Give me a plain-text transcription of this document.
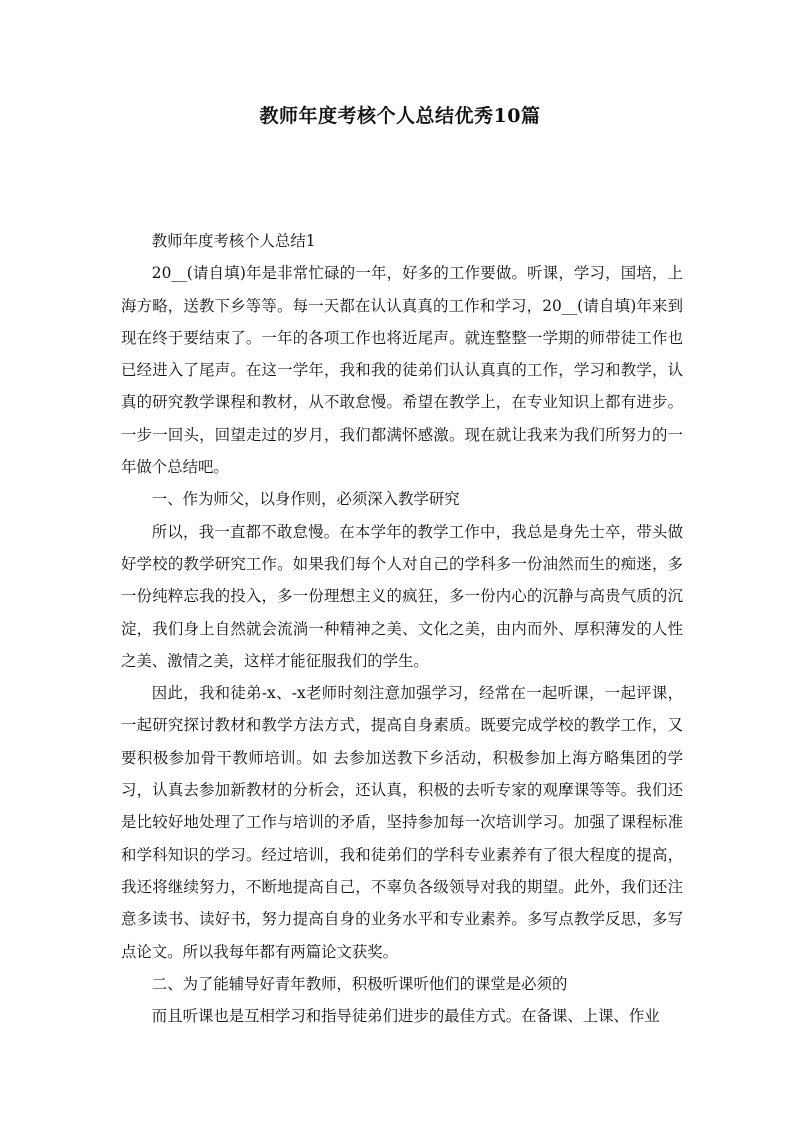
教师年度考核个人总结优秀10篇

教师年度考核个人总结1

20__(请自填)年是非常忙碌的一年，好多的工作要做。听课，学习，国培，上海方略，送教下乡等等。每一天都在认认真真的工作和学习，20__(请自填)年来到现在终于要结束了。一年的各项工作也将近尾声。就连整整一学期的师带徒工作也已经进入了尾声。在这一学年，我和我的徒弟们认认真真的工作，学习和教学，认真的研究教学课程和教材，从不敢怠慢。希望在教学上，在专业知识上都有进步。一步一回头，回望走过的岁月，我们都满怀感激。现在就让我来为我们所努力的一年做个总结吧。

一、作为师父，以身作则，必须深入教学研究

所以，我一直都不敢怠慢。在本学年的教学工作中，我总是身先士卒，带头做好学校的教学研究工作。如果我们每个人对自己的学科多一份油然而生的痴迷，多一份纯粹忘我的投入，多一份理想主义的疯狂，多一份内心的沉静与高贵气质的沉淀，我们身上自然就会流淌一种精神之美、文化之美，由内而外、厚积薄发的人性之美、激情之美，这样才能征服我们的学生。

因此，我和徒弟-x、-x老师时刻注意加强学习，经常在一起听课，一起评课，一起研究探讨教材和教学方法方式，提高自身素质。既要完成学校的教学工作，又要积极参加骨干教师培训。如 去参加送教下乡活动，积极参加上海方略集团的学习，认真去参加新教材的分析会，还认真，积极的去听专家的观摩课等等。我们还是比较好地处理了工作与培训的矛盾，坚持参加每一次培训学习。加强了课程标准和学科知识的学习。经过培训，我和徒弟们的学科专业素养有了很大程度的提高，我还将继续努力，不断地提高自己，不辜负各级领导对我的期望。此外，我们还注意多读书、读好书，努力提高自身的业务水平和专业素养。多写点教学反思，多写点论文。所以我每年都有两篇论文获奖。

二、为了能辅导好青年教师，积极听课听他们的课堂是必须的

而且听课也是互相学习和指导徒弟们进步的最佳方式。在备课、上课、作业
